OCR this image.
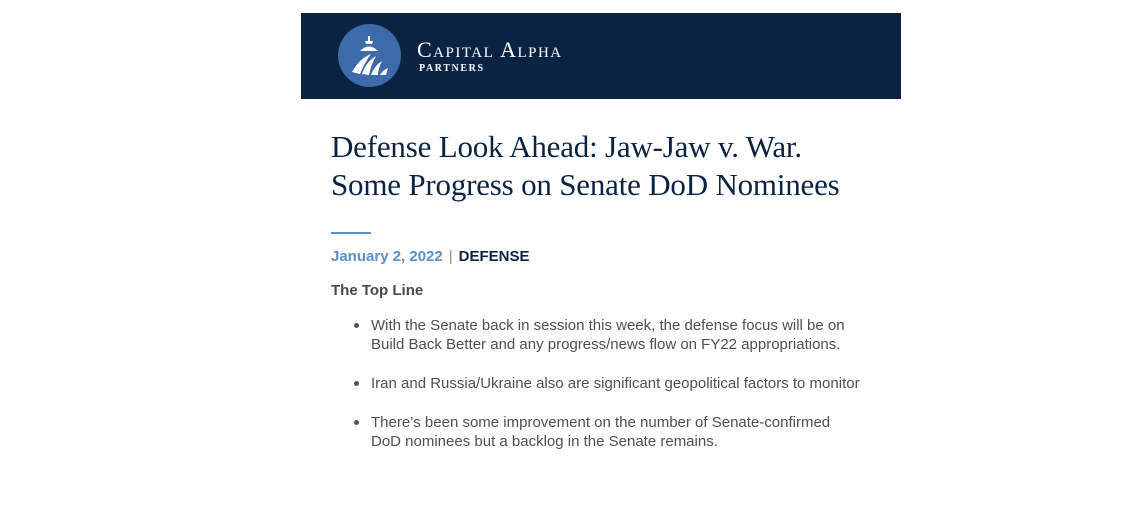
Capital Alpha
PARTNERS
Defense Look Ahead: Jaw-Jaw v. War. Some Progress on Senate DoD Nominees
January 2, 2022 | DEFENSE
The Top Line
With the Senate back in session this week, the defense focus will be on Build Back Better and any progress/news flow on FY22 appropriations.
Iran and Russia/Ukraine also are significant geopolitical factors to monitor
There’s been some improvement on the number of Senate-confirmed DoD nominees but a backlog in the Senate remains.
